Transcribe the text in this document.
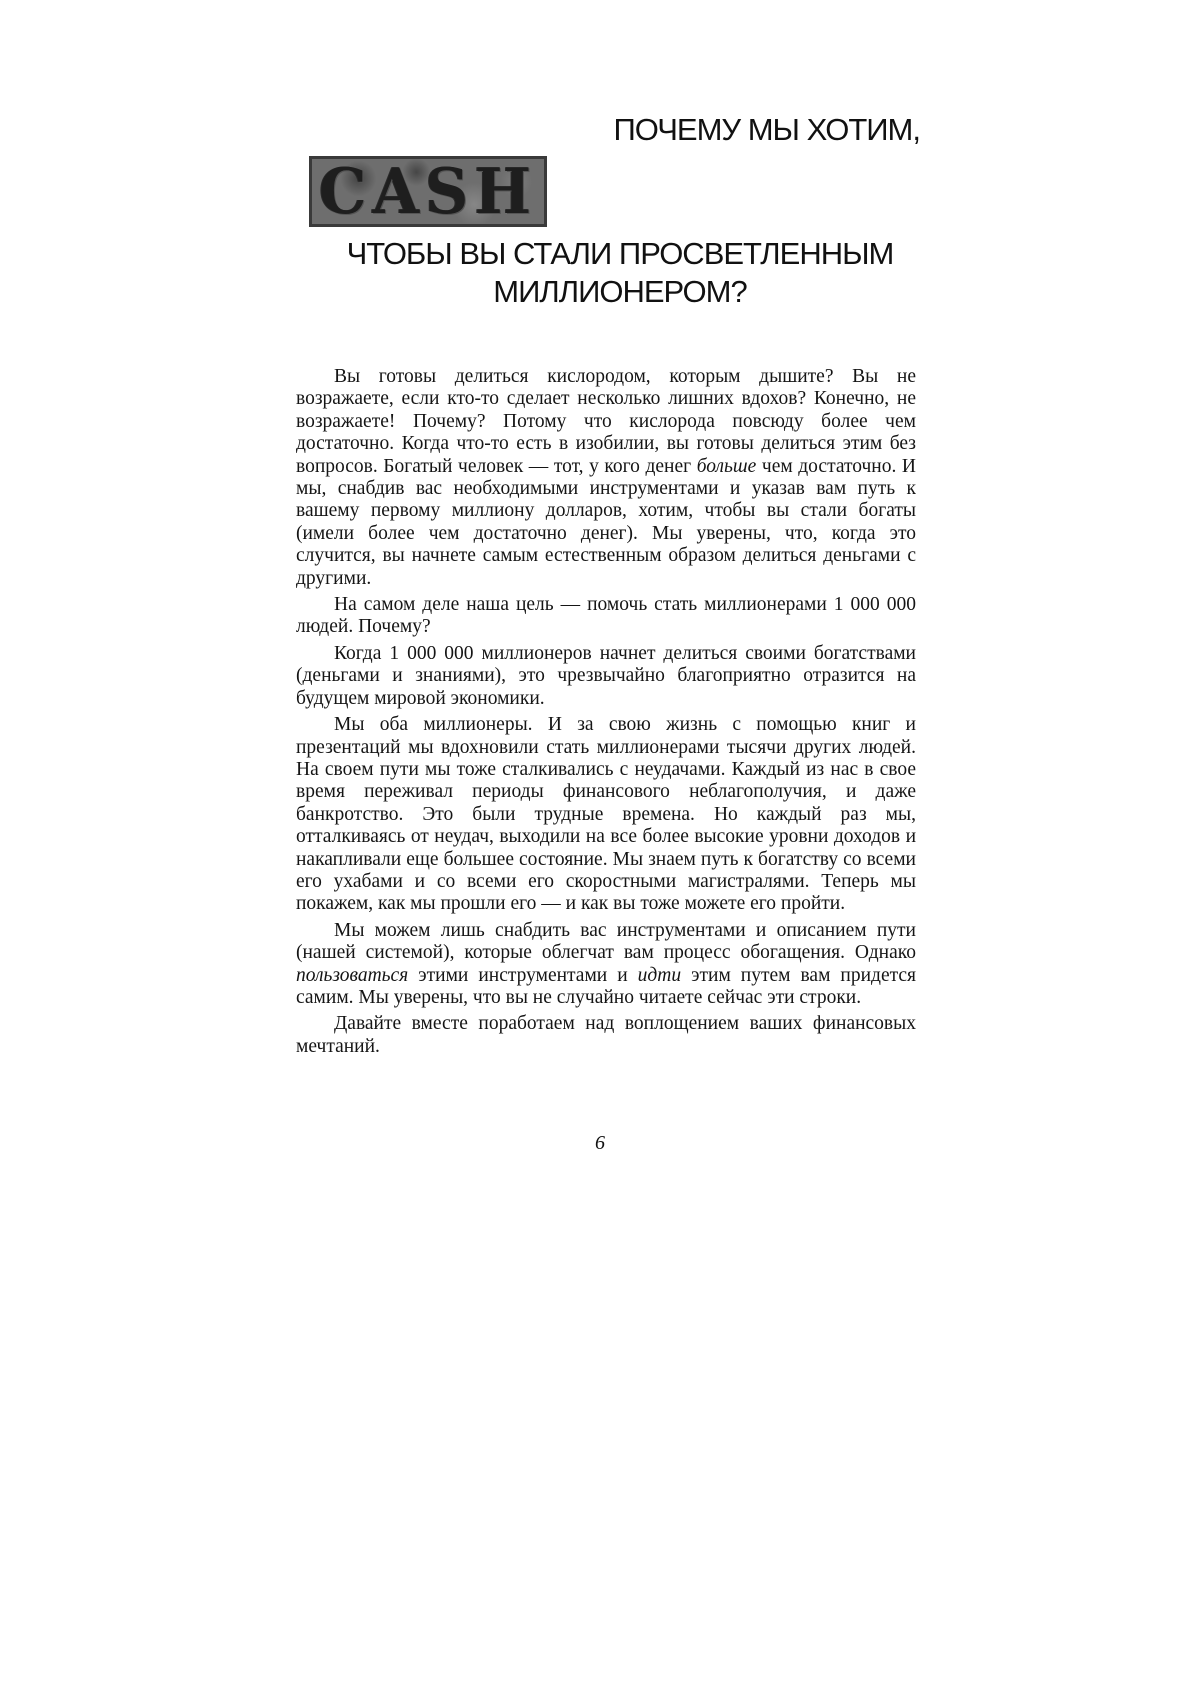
ПОЧЕМУ МЫ ХОТИМ,
CASH
ЧТОБЫ ВЫ СТАЛИ ПРОСВЕТЛЕННЫМ МИЛЛИОНЕРОМ?

Вы готовы делиться кислородом, которым дышите? Вы не возражаете, если кто-то сделает несколько лишних вдохов? Конечно, не возражаете! Почему? Потому что кислорода повсюду более чем достаточно. Когда что-то есть в изобилии, вы готовы делиться этим без вопросов. Богатый человек — тот, у кого денег больше чем достаточно. И мы, снабдив вас необходимыми инструментами и указав вам путь к вашему первому миллиону долларов, хотим, чтобы вы стали богаты (имели более чем достаточно денег). Мы уверены, что, когда это случится, вы начнете самым естественным образом делиться деньгами с другими.

На самом деле наша цель — помочь стать миллионерами 1 000 000 людей. Почему?

Когда 1 000 000 миллионеров начнет делиться своими богатствами (деньгами и знаниями), это чрезвычайно благоприятно отразится на будущем мировой экономики.

Мы оба миллионеры. И за свою жизнь с помощью книг и презентаций мы вдохновили стать миллионерами тысячи других людей. На своем пути мы тоже сталкивались с неудачами. Каждый из нас в свое время переживал периоды финансового неблагополучия, и даже банкротство. Это были трудные времена. Но каждый раз мы, отталкиваясь от неудач, выходили на все более высокие уровни доходов и накапливали еще большее состояние. Мы знаем путь к богатству со всеми его ухабами и со всеми его скоростными магистралями. Теперь мы покажем, как мы прошли его — и как вы тоже можете его пройти.

Мы можем лишь снабдить вас инструментами и описанием пути (нашей системой), которые облегчат вам процесс обогащения. Однако пользоваться этими инструментами и идти этим путем вам придется самим. Мы уверены, что вы не случайно читаете сейчас эти строки.

Давайте вместе поработаем над воплощением ваших финансовых мечтаний.

6
